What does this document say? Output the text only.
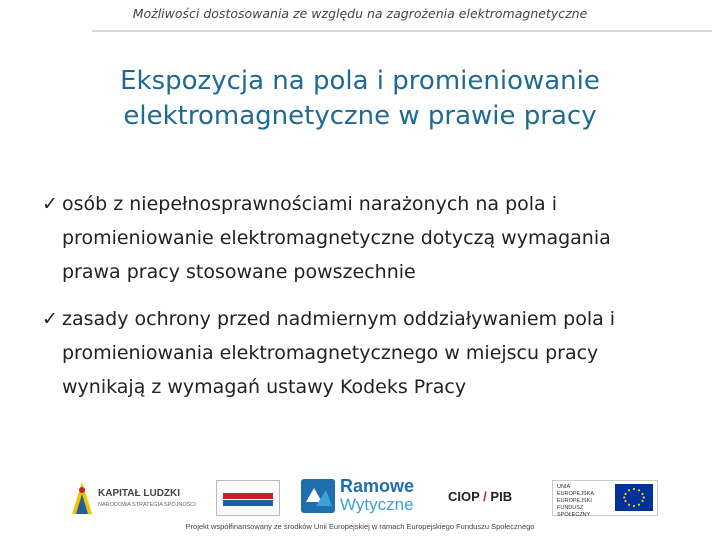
Możliwości dostosowania ze względu na zagrożenia elektromagnetyczne
Ekspozycja na pola i promieniowanie
elektromagnetyczne w prawie pracy
✓ osób z niepełnosprawnościami narażonych na pola i
promieniowanie elektromagnetyczne dotyczą wymagania
prawa pracy stosowane powszechnie
✓ zasady ochrony przed nadmiernym oddziaływaniem pola i
promieniowania elektromagnetycznego w miejscu pracy
wynikają z wymagań ustawy Kodeks Pracy
KAPITAŁ LUDZKI
NARODOWA STRATEGIA SPÓJNOŚCI
Ramowe
Wytyczne	CIOP / PIB
UNIA EUROPEJSKA EUROPEJSKI FUNDUSZ SPOŁECZNY
Projekt współfinansowany ze środków Unii Europejskiej w ramach Europejskiego Funduszu Społecznego
